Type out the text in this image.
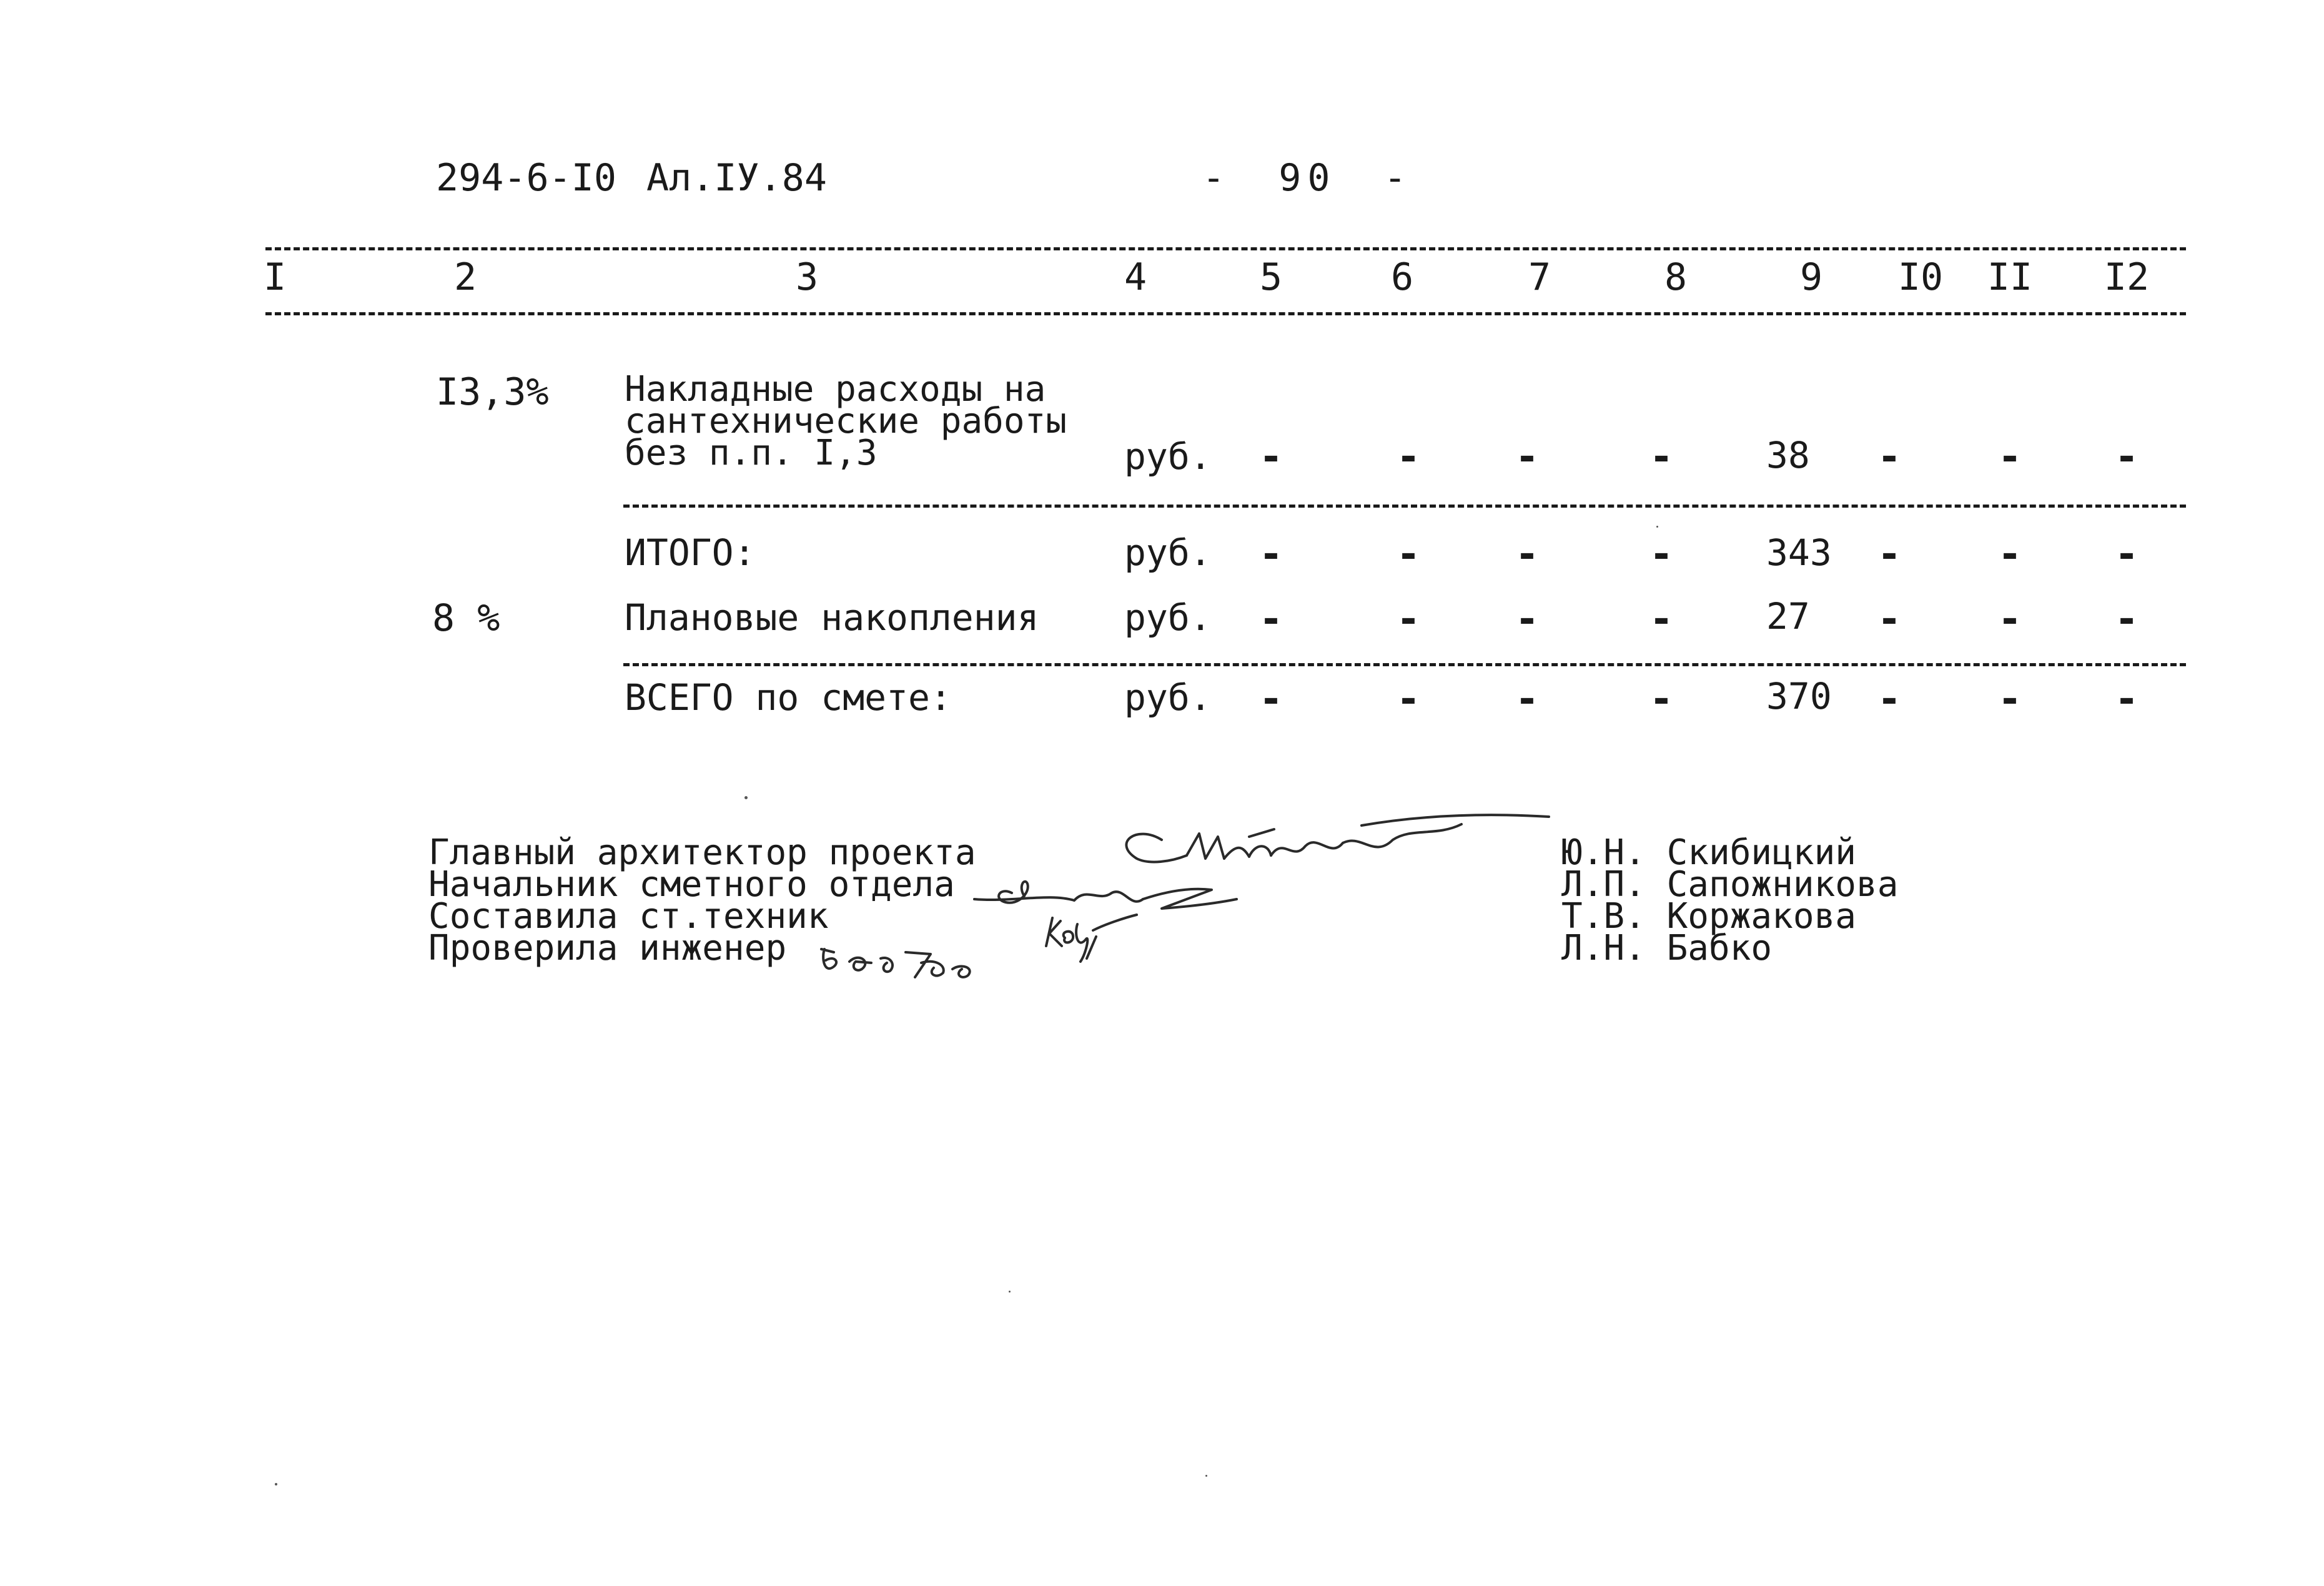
294-6-I0 Ал.IУ.84	- 90 -
I	2	3	4	5	6	7	8	9 I0 II I2
I3,3% Накладные расходы на
сантехнические работы
без п.п. I,3	руб. -	- -	-	38 - - -
ИТОГО:	руб. -	- -	-	343 - - -
8 %	Плановые накопления руб. -	- -	-	27 - - -
ВСЕГО по смете:	руб. -	- -	-	370 - - -
Главный архитектор проекта
Начальник сметного отдела
Составила ст.техник
Проверила инженер
Ю.Н. Скибицкий
Л.П. Сапожникова
Т.В. Коржакова
Л.Н. Бабко
